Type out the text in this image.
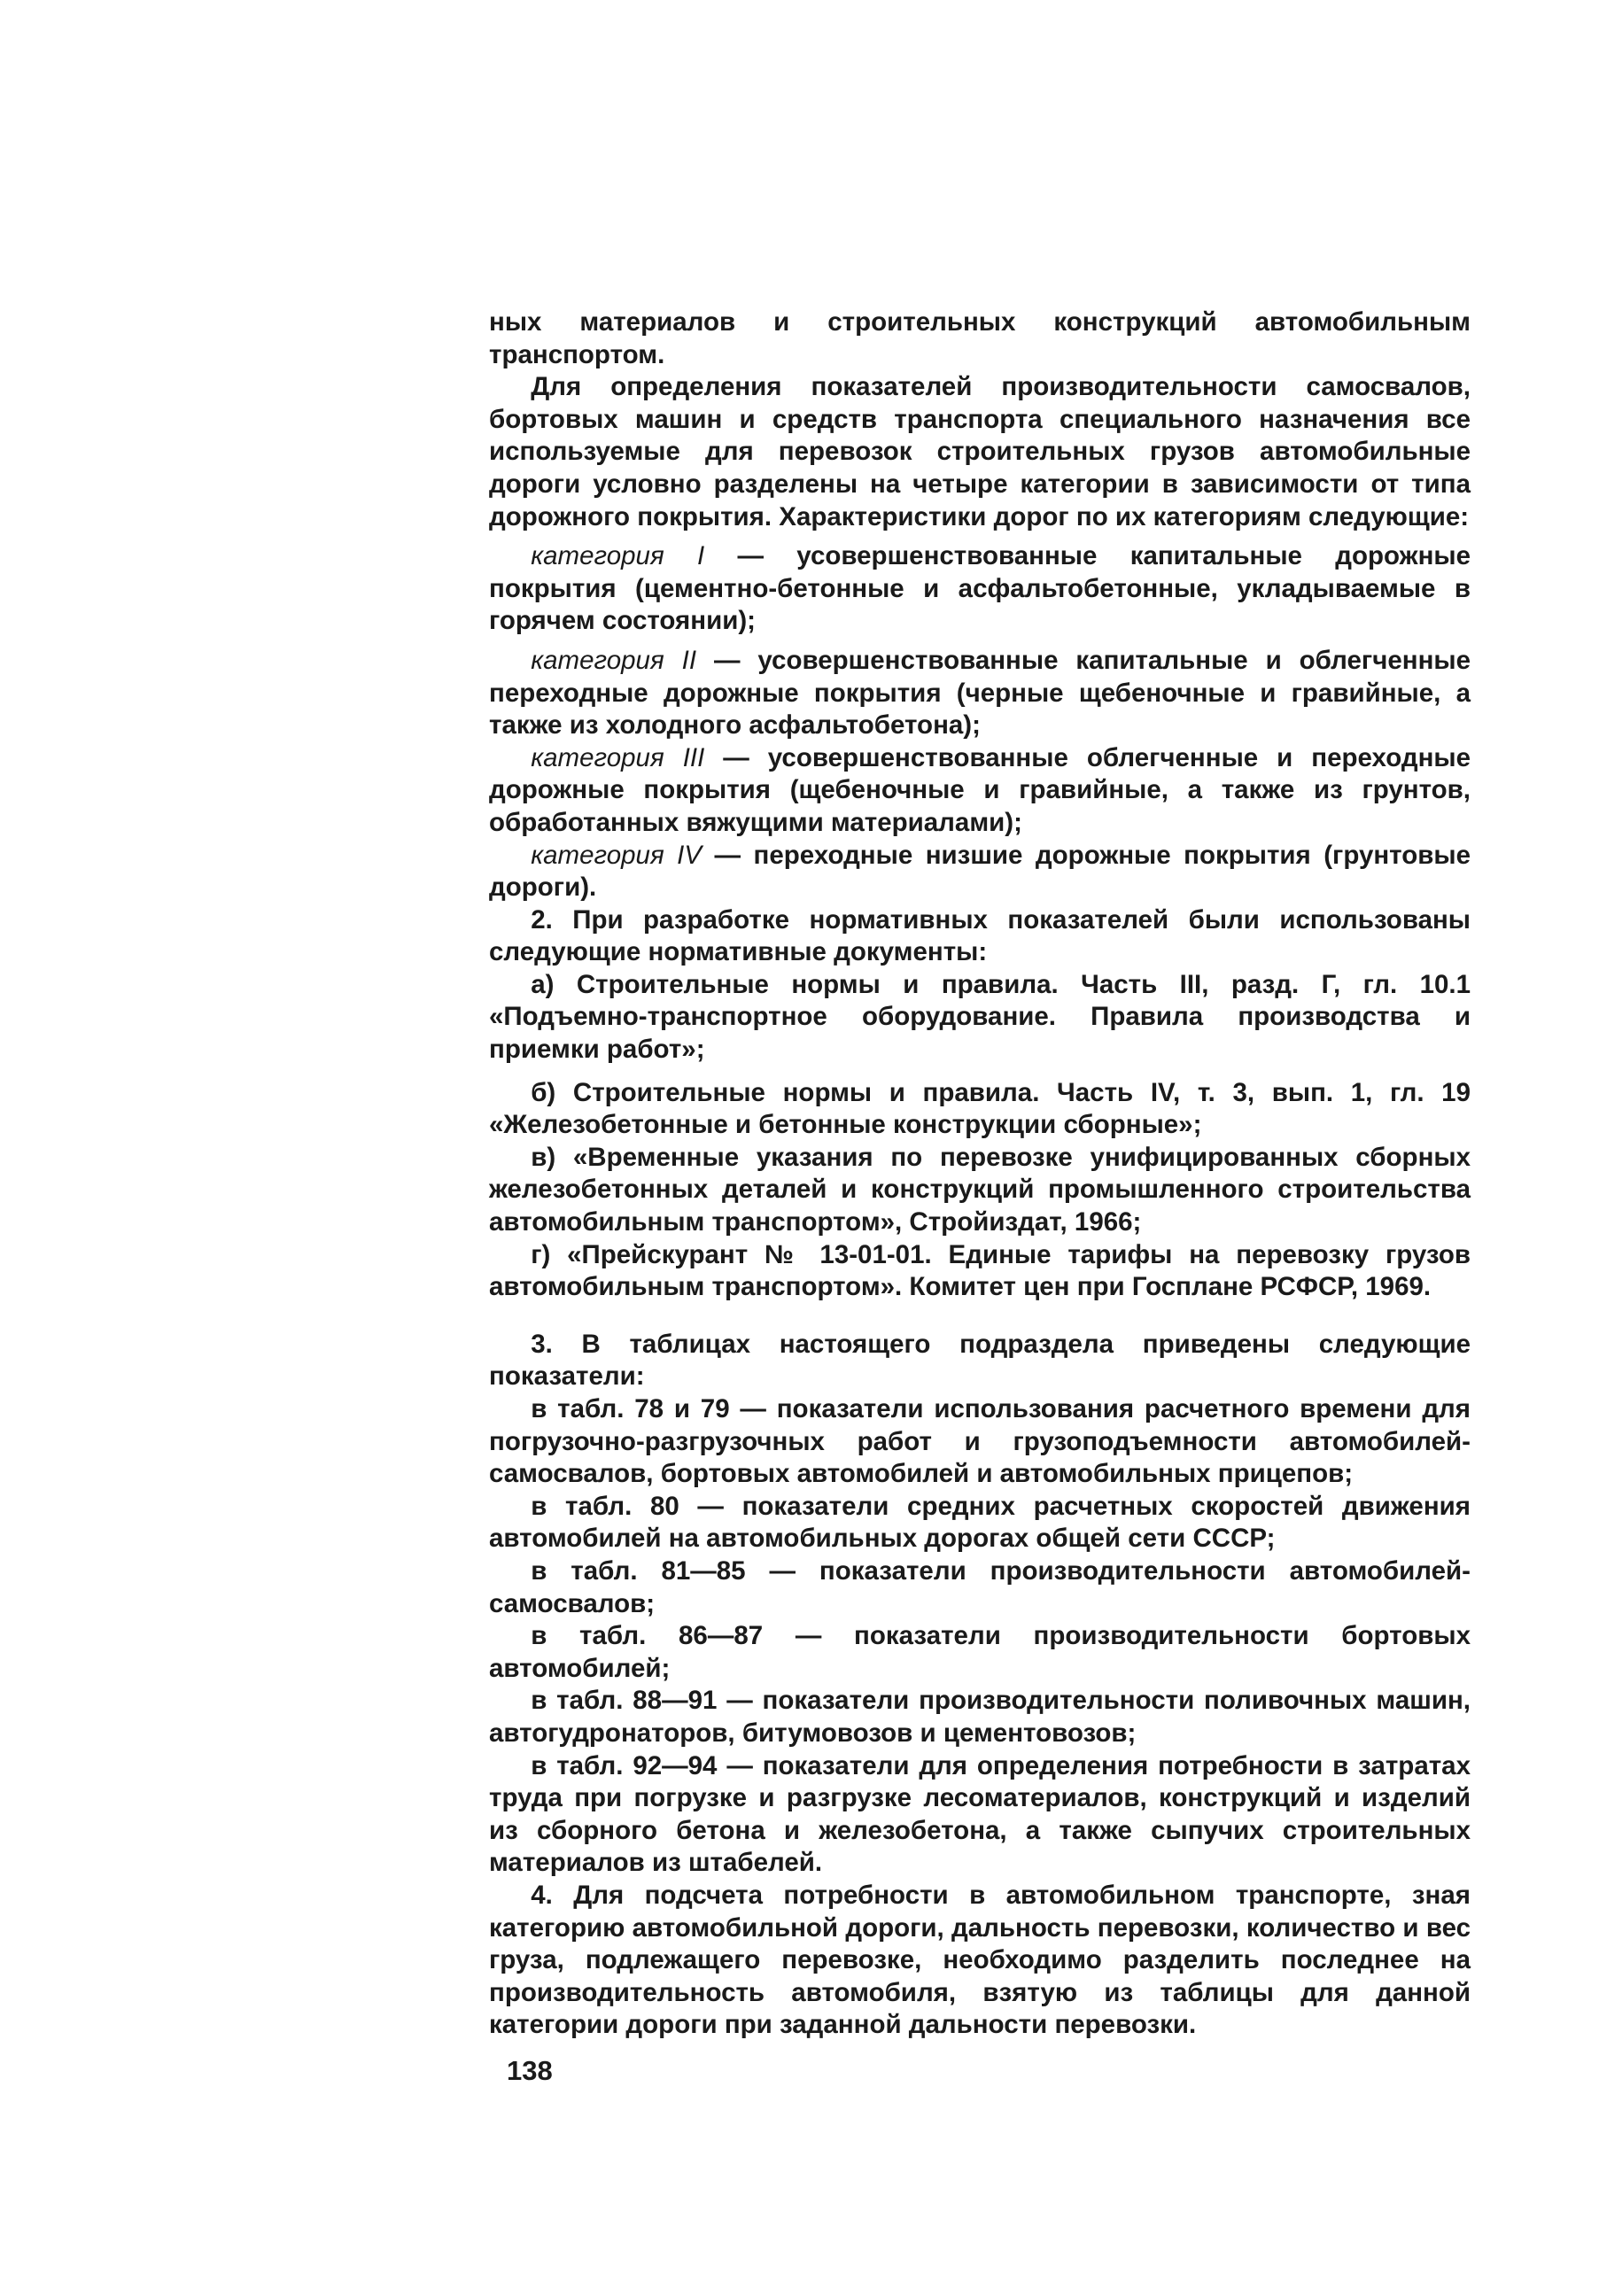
ных материалов и строительных конструкций автомобильным транспортом.

Для определения показателей производительности самосвалов, бортовых машин и средств транспорта специального назначения все используемые для перевозок строительных грузов автомобильные дороги условно разделены на четыре категории в зависимости от типа дорожного покрытия. Характеристики дорог по их категориям следующие:

категория I — усовершенствованные капитальные дорожные покрытия (цементно-бетонные и асфальтобетонные, укладываемые в горячем состоянии);

категория II — усовершенствованные капитальные и облегченные переходные дорожные покрытия (черные щебеночные и гравийные, а также из холодного асфальтобетона);

категория III — усовершенствованные облегченные и переходные дорожные покрытия (щебеночные и гравийные, а также из грунтов, обработанных вяжущими материалами);

категория IV — переходные низшие дорожные покрытия (грунтовые дороги).

2. При разработке нормативных показателей были использованы следующие нормативные документы:

а) Строительные нормы и правила. Часть III, разд. Г, гл. 10.1 «Подъемно-транспортное оборудование. Правила производства и приемки работ»;

б) Строительные нормы и правила. Часть IV, т. 3, вып. 1, гл. 19 «Железобетонные и бетонные конструкции сборные»;

в) «Временные указания по перевозке унифицированных сборных железобетонных деталей и конструкций промышленного строительства автомобильным транспортом», Стройиздат, 1966;

г) «Прейскурант № 13-01-01. Единые тарифы на перевозку грузов автомобильным транспортом». Комитет цен при Госплане РСФСР, 1969.

3. В таблицах настоящего подраздела приведены следующие показатели:

в табл. 78 и 79 — показатели использования расчетного времени для погрузочно-разгрузочных работ и грузоподъемности автомобилей-самосвалов, бортовых автомобилей и автомобильных прицепов;

в табл. 80 — показатели средних расчетных скоростей движения автомобилей на автомобильных дорогах общей сети СССР;

в табл. 81—85 — показатели производительности автомобилей-самосвалов;

в табл. 86—87 — показатели производительности бортовых автомобилей;

в табл. 88—91 — показатели производительности поливочных машин, автогудронаторов, битумовозов и цементовозов;

в табл. 92—94 — показатели для определения потребности в затратах труда при погрузке и разгрузке лесоматериалов, конструкций и изделий из сборного бетона и железобетона, а также сыпучих строительных материалов из штабелей.

4. Для подсчета потребности в автомобильном транспорте, зная категорию автомобильной дороги, дальность перевозки, количество и вес груза, подлежащего перевозке, необходимо разделить последнее на производительность автомобиля, взятую из таблицы для данной категории дороги при заданной дальности перевозки.

138
